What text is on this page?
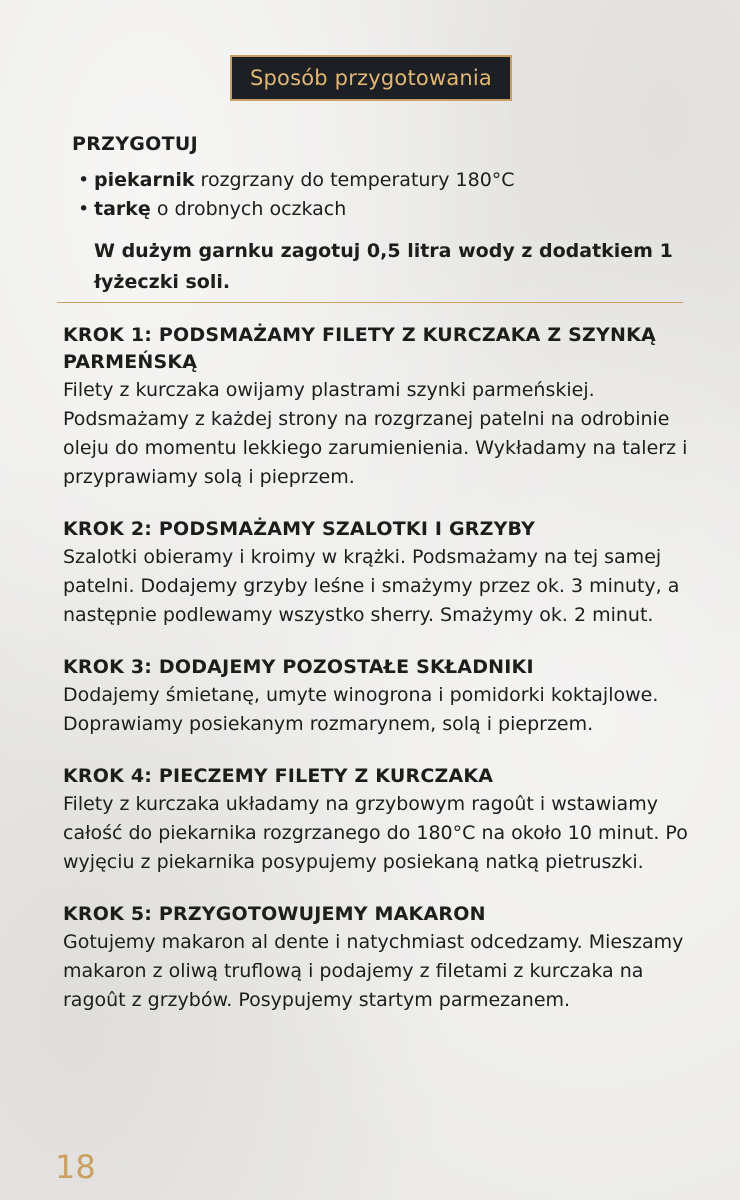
Sposób przygotowania
PRZYGOTUJ
• piekarnik rozgrzany do temperatury 180°C
• tarkę o drobnych oczkach

W dużym garnku zagotuj 0,5 litra wody z dodatkiem 1 łyżeczki soli.

KROK 1: PODSMAŻAMY FILETY Z KURCZAKA Z SZYNKĄ PARMEŃSKĄ

Filety z kurczaka owijamy plastrami szynki parmeńskiej. Podsmażamy z każdej strony na rozgrzanej patelni na odrobinie oleju do momentu lekkiego zarumienienia. Wykładamy na talerz i przyprawiamy solą i pieprzem.

KROK 2: PODSMAŻAMY SZALOTKI I GRZYBY

Szalotki obieramy i kroimy w krążki. Podsmażamy na tej samej patelni. Dodajemy grzyby leśne i smażymy przez ok. 3 minuty, a następnie podlewamy wszystko sherry. Smażymy ok. 2 minut.

KROK 3: DODAJEMY POZOSTAŁE SKŁADNIKI

Dodajemy śmietanę, umyte winogrona i pomidorki koktajlowe. Doprawiamy posiekanym rozmarynem, solą i pieprzem.

KROK 4: PIECZEMY FILETY Z KURCZAKA

Filety z kurczaka układamy na grzybowym ragoût i wstawiamy całość do piekarnika rozgrzanego do 180°C na około 10 minut. Po wyjęciu z piekarnika posypujemy posiekaną natką pietruszki.

KROK 5: PRZYGOTOWUJEMY MAKARON

Gotujemy makaron al dente i natychmiast odcedzamy. Mieszamy makaron z oliwą truflową i podajemy z filetami z kurczaka na ragoût z grzybów. Posypujemy startym parmezanem.

18
